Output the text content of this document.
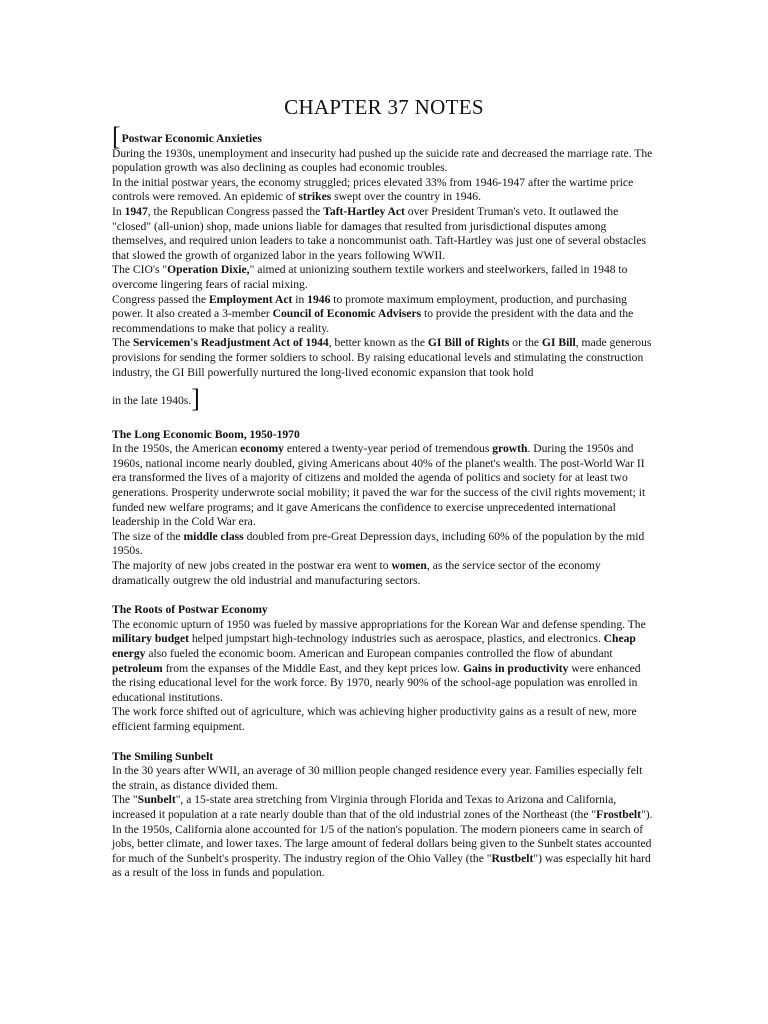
CHAPTER 37 NOTES

[Postwar Economic Anxieties

During the 1930s, unemployment and insecurity had pushed up the suicide rate and decreased the marriage rate. The population growth was also declining as couples had economic troubles.

In the initial postwar years, the economy struggled; prices elevated 33% from 1946-1947 after the wartime price controls were removed. An epidemic of strikes swept over the country in 1946.

In 1947, the Republican Congress passed the Taft-Hartley Act over President Truman's veto. It outlawed the "closed" (all-union) shop, made unions liable for damages that resulted from jurisdictional disputes among themselves, and required union leaders to take a noncommunist oath. Taft-Hartley was just one of several obstacles that slowed the growth of organized labor in the years following WWII.

The CIO's "Operation Dixie," aimed at unionizing southern textile workers and steelworkers, failed in 1948 to overcome lingering fears of racial mixing.

Congress passed the Employment Act in 1946 to promote maximum employment, production, and purchasing power. It also created a 3-member Council of Economic Advisers to provide the president with the data and the recommendations to make that policy a reality.

The Servicemen's Readjustment Act of 1944, better known as the GI Bill of Rights or the GI Bill, made generous provisions for sending the former soldiers to school. By raising educational levels and stimulating the construction industry, the GI Bill powerfully nurtured the long-lived economic expansion that took hold

in the late 1940s.]

The Long Economic Boom, 1950-1970

In the 1950s, the American economy entered a twenty-year period of tremendous growth. During the 1950s and 1960s, national income nearly doubled, giving Americans about 40% of the planet's wealth. The post-World War II era transformed the lives of a majority of citizens and molded the agenda of politics and society for at least two generations. Prosperity underwrote social mobility; it paved the war for the success of the civil rights movement; it funded new welfare programs; and it gave Americans the confidence to exercise unprecedented international leadership in the Cold War era.

The size of the middle class doubled from pre-Great Depression days, including 60% of the population by the mid 1950s.

The majority of new jobs created in the postwar era went to women, as the service sector of the economy dramatically outgrew the old industrial and manufacturing sectors.

The Roots of Postwar Economy

The economic upturn of 1950 was fueled by massive appropriations for the Korean War and defense spending. The military budget helped jumpstart high-technology industries such as aerospace, plastics, and electronics. Cheap energy also fueled the economic boom. American and European companies controlled the flow of abundant petroleum from the expanses of the Middle East, and they kept prices low. Gains in productivity were enhanced the rising educational level for the work force. By 1970, nearly 90% of the school-age population was enrolled in educational institutions.

The work force shifted out of agriculture, which was achieving higher productivity gains as a result of new, more efficient farming equipment.

The Smiling Sunbelt

In the 30 years after WWII, an average of 30 million people changed residence every year. Families especially felt the strain, as distance divided them.

The "Sunbelt", a 15-state area stretching from Virginia through Florida and Texas to Arizona and California, increased it population at a rate nearly double than that of the old industrial zones of the Northeast (the "Frostbelt"). In the 1950s, California alone accounted for 1/5 of the nation's population. The modern pioneers came in search of jobs, better climate, and lower taxes. The large amount of federal dollars being given to the Sunbelt states accounted for much of the Sunbelt's prosperity. The industry region of the Ohio Valley (the "Rustbelt") was especially hit hard as a result of the loss in funds and population.
